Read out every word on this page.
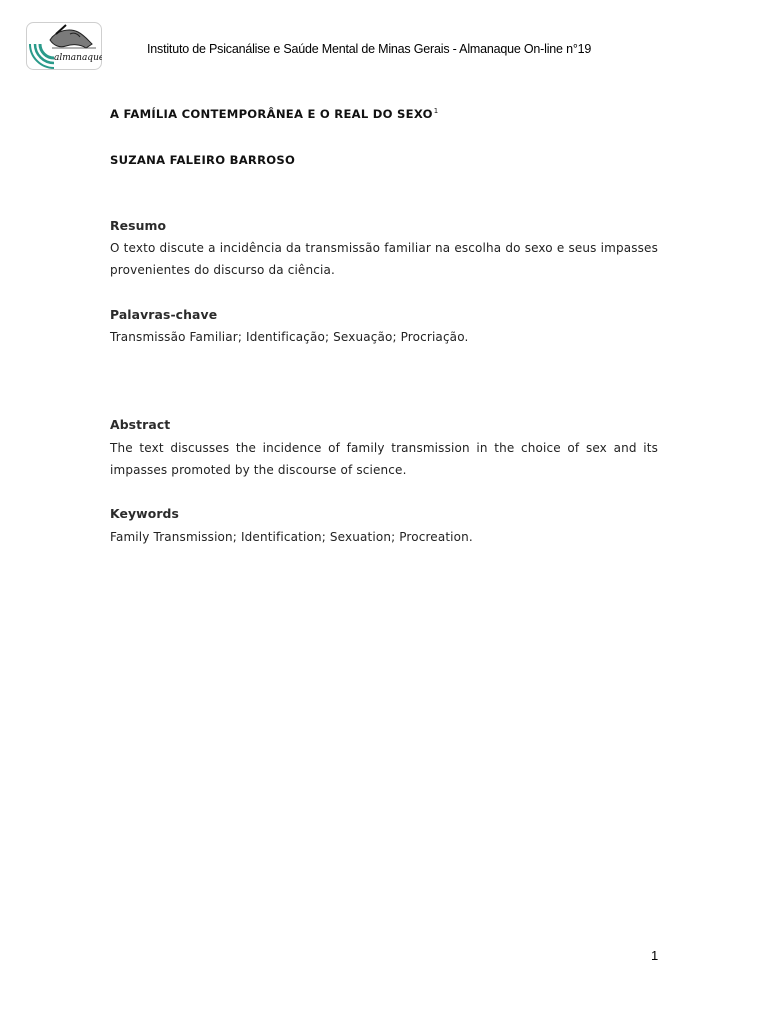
almanaque
Instituto de Psicanálise e Saúde Mental de Minas Gerais - Almanaque On-line n°19
A FAMÍLIA CONTEMPORÂNEA E O REAL DO SEXO$^1$
SUZANA FALEIRO BARROSO
Resumo
O texto discute a incidência da transmissão familiar na escolha do sexo e seus impasses provenientes do discurso da ciência.
Palavras-chave
Transmissão Familiar; Identificação; Sexuação; Procriação.
Abstract
The text discusses the incidence of family transmission in the choice of sex and its impasses promoted by the discourse of science.
Keywords
Family Transmission; Identification; Sexuation; Procreation.
1
